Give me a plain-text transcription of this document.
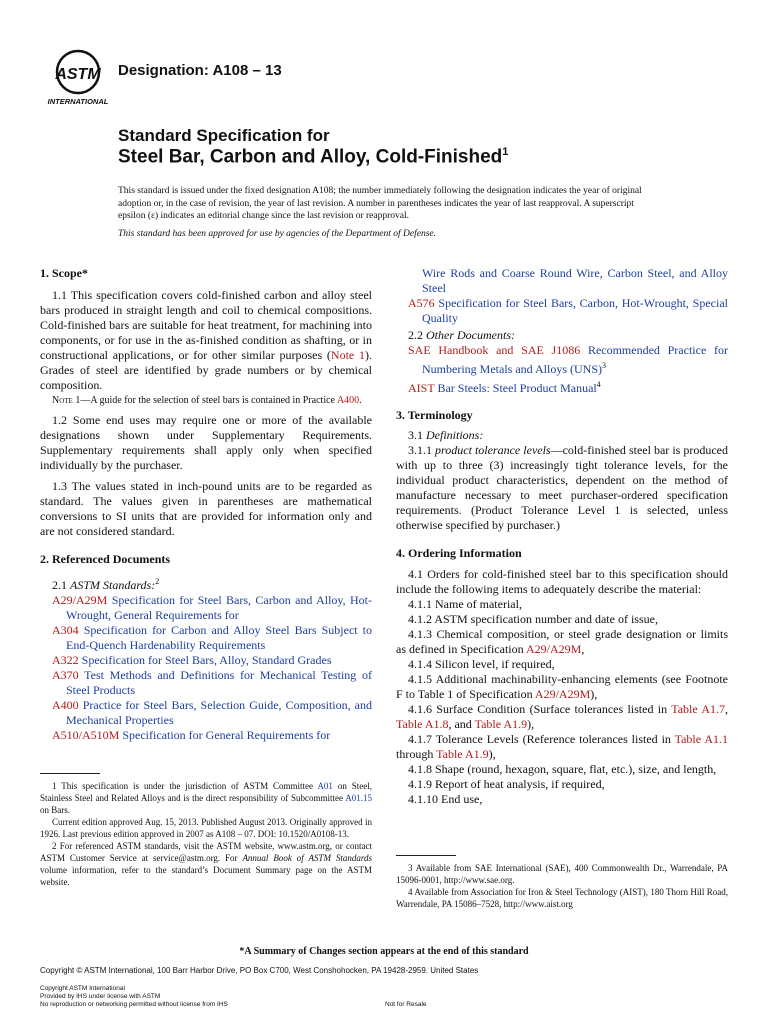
ASTM
INTERNATIONAL
Designation: A108 – 13
Standard Specification for
Steel Bar, Carbon and Alloy, Cold-Finished$^1$
This standard is issued under the fixed designation A108; the number immediately following the designation indicates the year of original adoption or, in the case of revision, the year of last revision. A number in parentheses indicates the year of last reapproval. A superscript epsilon (ε) indicates an editorial change since the last revision or reapproval.
This standard has been approved for use by agencies of the Department of Defense.

1. Scope*

1.1 This specification covers cold-finished carbon and alloy steel bars produced in straight length and coil to chemical compositions. Cold-finished bars are suitable for heat treatment, for machining into components, or for use in the as-finished condition as shafting, or in constructional applications, or for other similar purposes (Note 1). Grades of steel are identified by grade numbers or by chemical composition.

Note 1—A guide for the selection of steel bars is contained in Practice A400.

1.2 Some end uses may require one or more of the available designations shown under Supplementary Requirements. Supplementary requirements shall apply only when specified individually by the purchaser.

1.3 The values stated in inch-pound units are to be regarded as standard. The values given in parentheses are mathematical conversions to SI units that are provided for information only and are not considered standard.

2. Referenced Documents

2.1 ASTM Standards:$^2$

A29/A29M Specification for Steel Bars, Carbon and Alloy, Hot-Wrought, General Requirements for

A304 Specification for Carbon and Alloy Steel Bars Subject to End-Quench Hardenability Requirements

A322 Specification for Steel Bars, Alloy, Standard Grades

A370 Test Methods and Definitions for Mechanical Testing of Steel Products

A400 Practice for Steel Bars, Selection Guide, Composition, and Mechanical Properties

A510/A510M Specification for General Requirements for

1 This specification is under the jurisdiction of ASTM Committee A01 on Steel, Stainless Steel and Related Alloys and is the direct responsibility of Subcommittee A01.15 on Bars.

Current edition approved Aug. 15, 2013. Published August 2013. Originally approved in 1926. Last previous edition approved in 2007 as A108 – 07. DOI: 10.1520/A0108-13.

2 For referenced ASTM standards, visit the ASTM website, www.astm.org, or contact ASTM Customer Service at service@astm.org. For Annual Book of ASTM Standards volume information, refer to the standard’s Document Summary page on the ASTM website.

Wire Rods and Coarse Round Wire, Carbon Steel, and Alloy Steel

A576 Specification for Steel Bars, Carbon, Hot-Wrought, Special Quality

2.2 Other Documents:

SAE Handbook and SAE J1086 Recommended Practice for Numbering Metals and Alloys (UNS)$^3$

AIST Bar Steels: Steel Product Manual$^4$

3. Terminology

3.1 Definitions:

3.1.1 product tolerance levels—cold-finished steel bar is produced with up to three (3) increasingly tight tolerance levels, for the individual product characteristics, dependent on the method of manufacture necessary to meet purchaser-ordered specification requirements. (Product Tolerance Level 1 is selected, unless otherwise specified by purchaser.)

4. Ordering Information

4.1 Orders for cold-finished steel bar to this specification should include the following items to adequately describe the material:

4.1.1 Name of material,

4.1.2 ASTM specification number and date of issue,

4.1.3 Chemical composition, or steel grade designation or limits as defined in Specification A29/A29M,

4.1.4 Silicon level, if required,

4.1.5 Additional machinability-enhancing elements (see Footnote F to Table 1 of Specification A29/A29M),

4.1.6 Surface Condition (Surface tolerances listed in Table A1.7, Table A1.8, and Table A1.9),

4.1.7 Tolerance Levels (Reference tolerances listed in Table A1.1 through Table A1.9),

4.1.8 Shape (round, hexagon, square, flat, etc.), size, and length,

4.1.9 Report of heat analysis, if required,

4.1.10 End use,

3 Available from SAE International (SAE), 400 Commonwealth Dr., Warrendale, PA 15096-0001, http://www.sae.org.

4 Available from Association for Iron & Steel Technology (AIST), 180 Thorn Hill Road, Warrendale, PA 15086–7528, http://www.aist.org

*A Summary of Changes section appears at the end of this standard
Copyright © ASTM International, 100 Barr Harbor Drive, PO Box C700, West Conshohocken, PA 19428-2959. United States
Copyright ASTM International
Provided by IHS under license with ASTM
No reproduction or networking permitted without license from IHS	Not for Resale
